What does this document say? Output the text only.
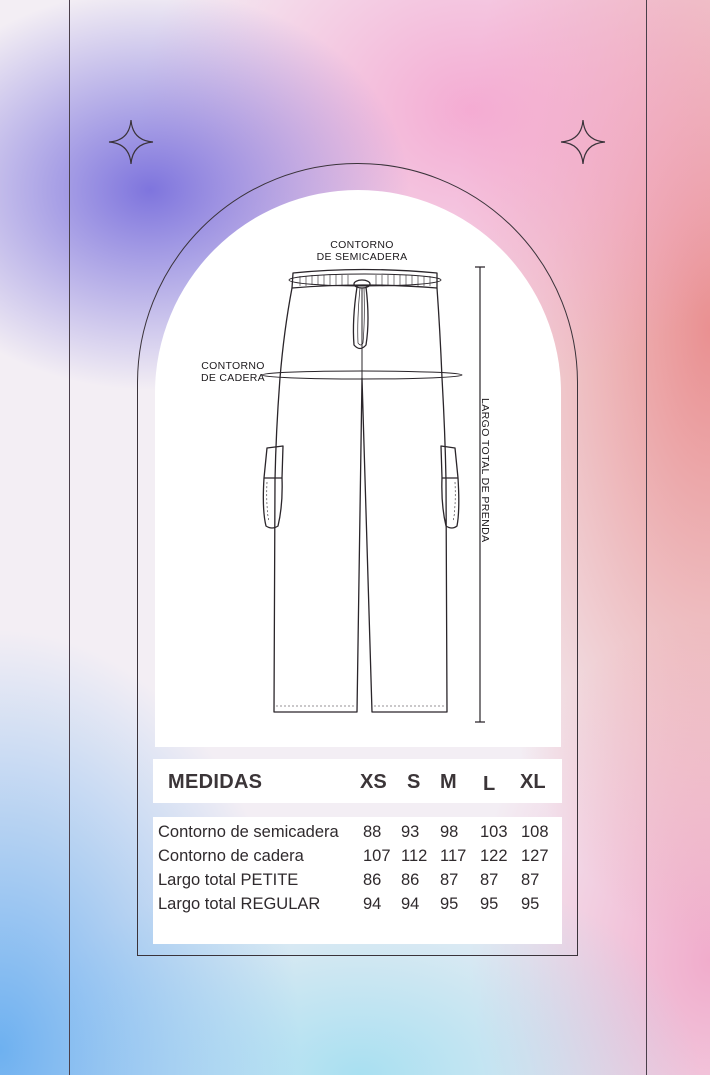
CONTORNO
DE SEMICADERA
CONTORNO
DE CADERA
LARGO TOTAL DE PRENDA
MEDIDAS	XS S M L XL
Contorno de semicadera 88 93 98 103 108
Contorno de cadera	107 112 117 122 127
Largo total PETITE	86 86 87 87 87
Largo total REGULAR	94 94 95 95 95
